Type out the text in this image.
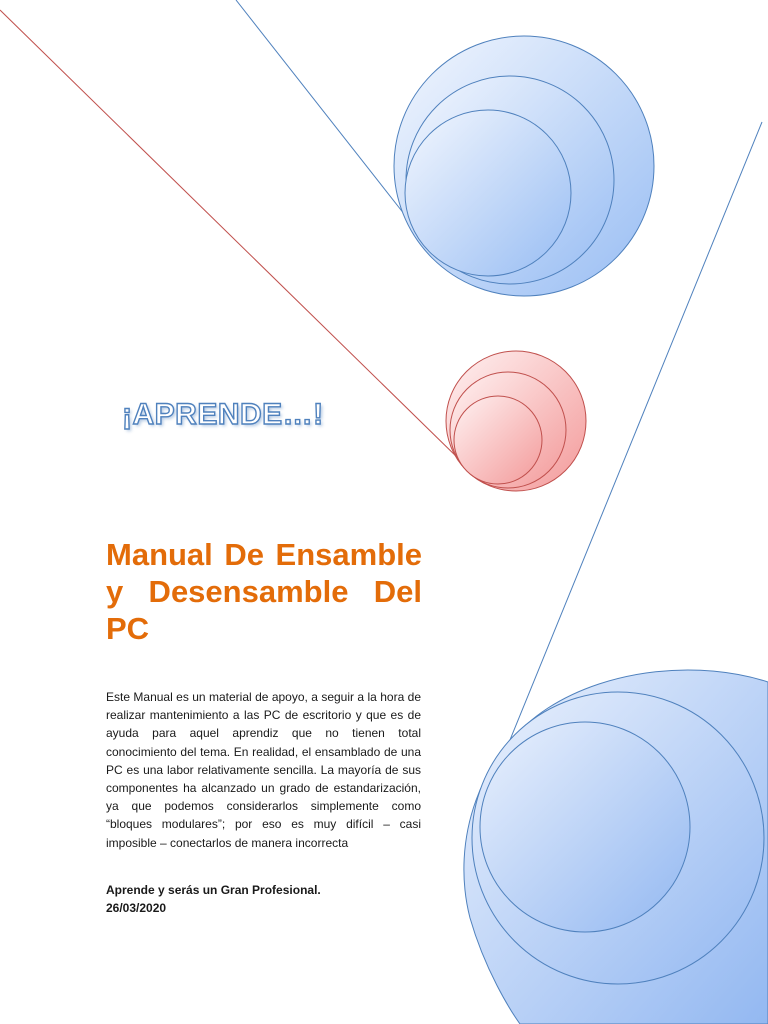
¡APRENDE…!

Manual De Ensamble y Desensamble Del PC

Este Manual es un material de apoyo, a seguir a la hora de realizar mantenimiento a las PC de escritorio y que es de ayuda para aquel aprendiz que no tienen total conocimiento del tema. En realidad, el ensamblado de una PC es una labor relativamente sencilla. La mayoría de sus componentes ha alcanzado un grado de estandarización, ya que podemos considerarlos simplemente como “bloques modulares”; por eso es muy difícil – casi imposible – conectarlos de manera incorrecta

Aprende y serás un Gran Profesional.
26/03/2020
